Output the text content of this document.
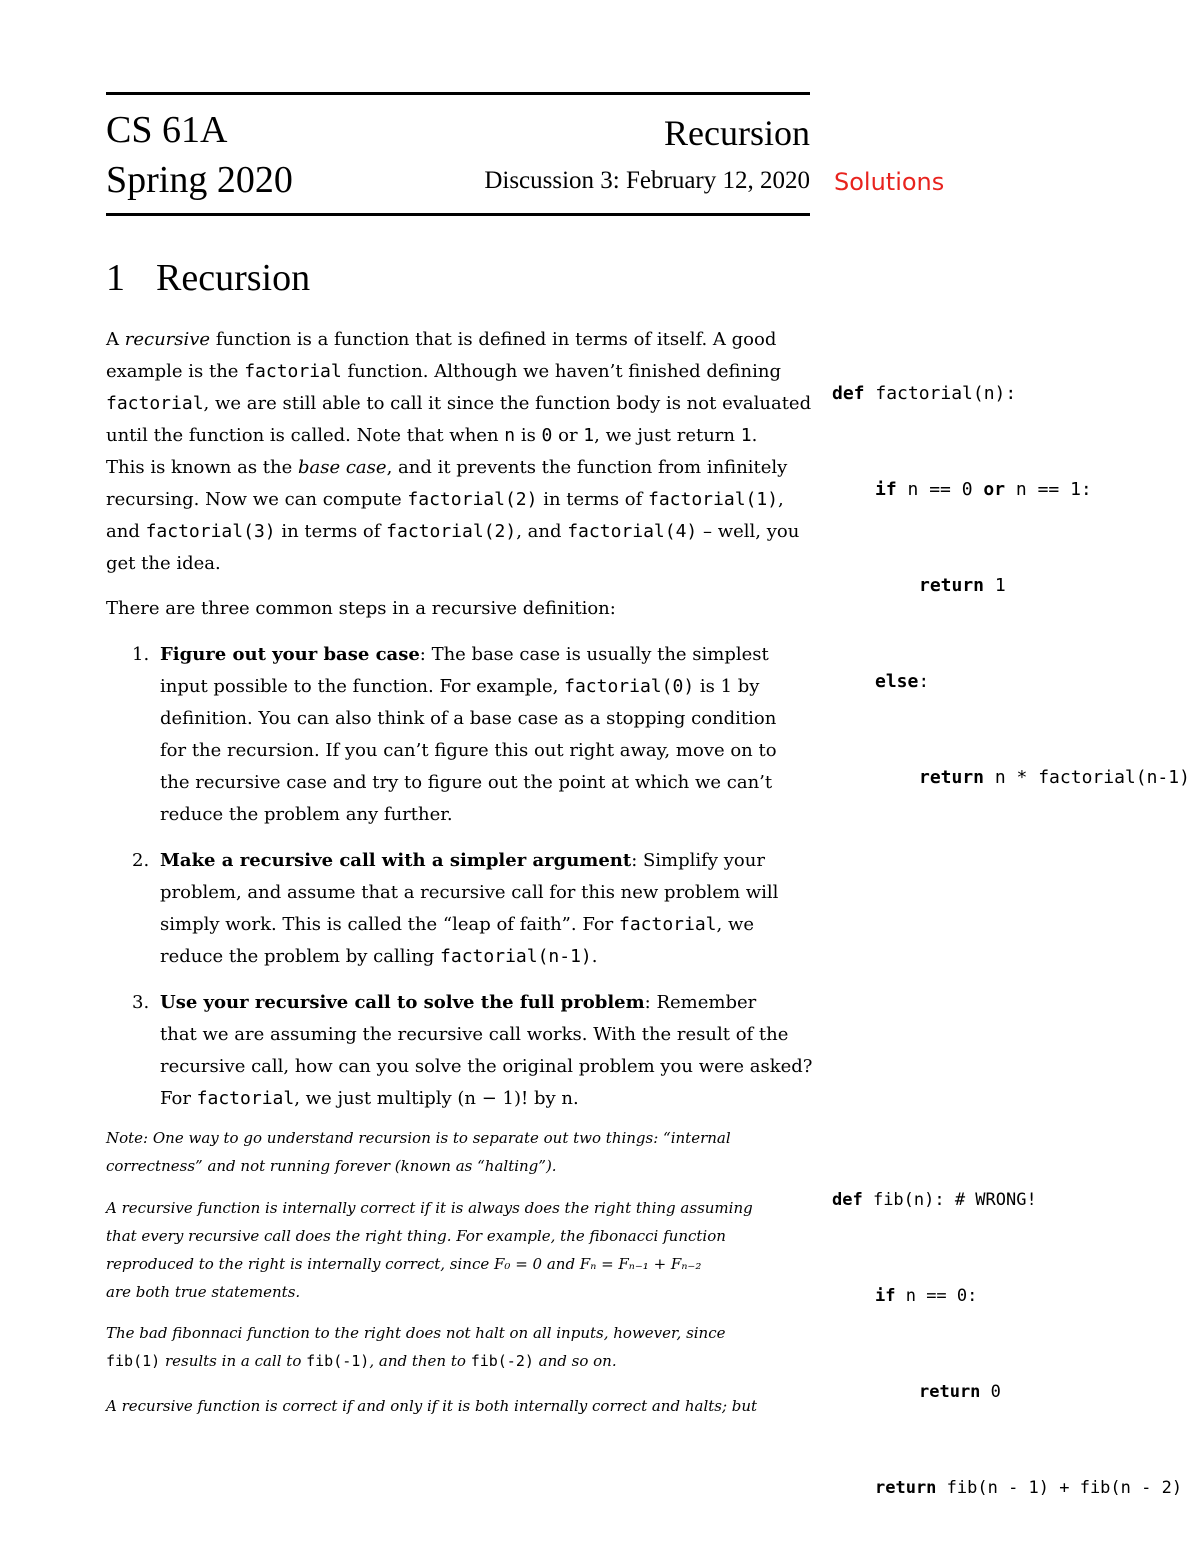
CS 61A
Spring 2020
Recursion
Discussion 3: February 12, 2020 Solutions
1 Recursion
A recursive function is a function that is defined in terms of itself. A good
example is the factorial function. Although we haven’t finished defining
factorial, we are still able to call it since the function body is not evaluated
until the function is called. Note that when n is 0 or 1, we just return 1.
This is known as the base case, and it prevents the function from infinitely
recursing. Now we can compute factorial(2) in terms of factorial(1),
and factorial(3) in terms of factorial(2), and factorial(4) – well, you
get the idea.
There are three common steps in a recursive definition:
1. Figure out your base case: The base case is usually the simplest
input possible to the function. For example, factorial(0) is 1 by
definition. You can also think of a base case as a stopping condition
for the recursion. If you can’t figure this out right away, move on to
the recursive case and try to figure out the point at which we can’t
reduce the problem any further.
2. Make a recursive call with a simpler argument: Simplify your
problem, and assume that a recursive call for this new problem will
simply work. This is called the “leap of faith”. For factorial, we
reduce the problem by calling factorial(n-1).
3. Use your recursive call to solve the full problem: Remember
that we are assuming the recursive call works. With the result of the
recursive call, how can you solve the original problem you were asked?
For factorial, we just multiply (n − 1)! by n.
Note: One way to go understand recursion is to separate out two things: “internal
correctness” and not running forever (known as “halting”).
A recursive function is internally correct if it is always does the right thing assuming
that every recursive call does the right thing. For example, the fibonacci function
reproduced to the right is internally correct, since F₀ = 0 and Fₙ = Fₙ₋₁ + Fₙ₋₂
are both true statements.
The bad fibonnaci function to the right does not halt on all inputs, however, since
fib(1) results in a call to fib(-1), and then to fib(-2) and so on.
A recursive function is correct if and only if it is both internally correct and halts; but

def factorial(n):

if n == 0 or n == 1:

return 1

else:

return n * factorial(n-1)

def fib(n): # WRONG!

if n == 0:

return 0

return fib(n - 1) + fib(n - 2)
